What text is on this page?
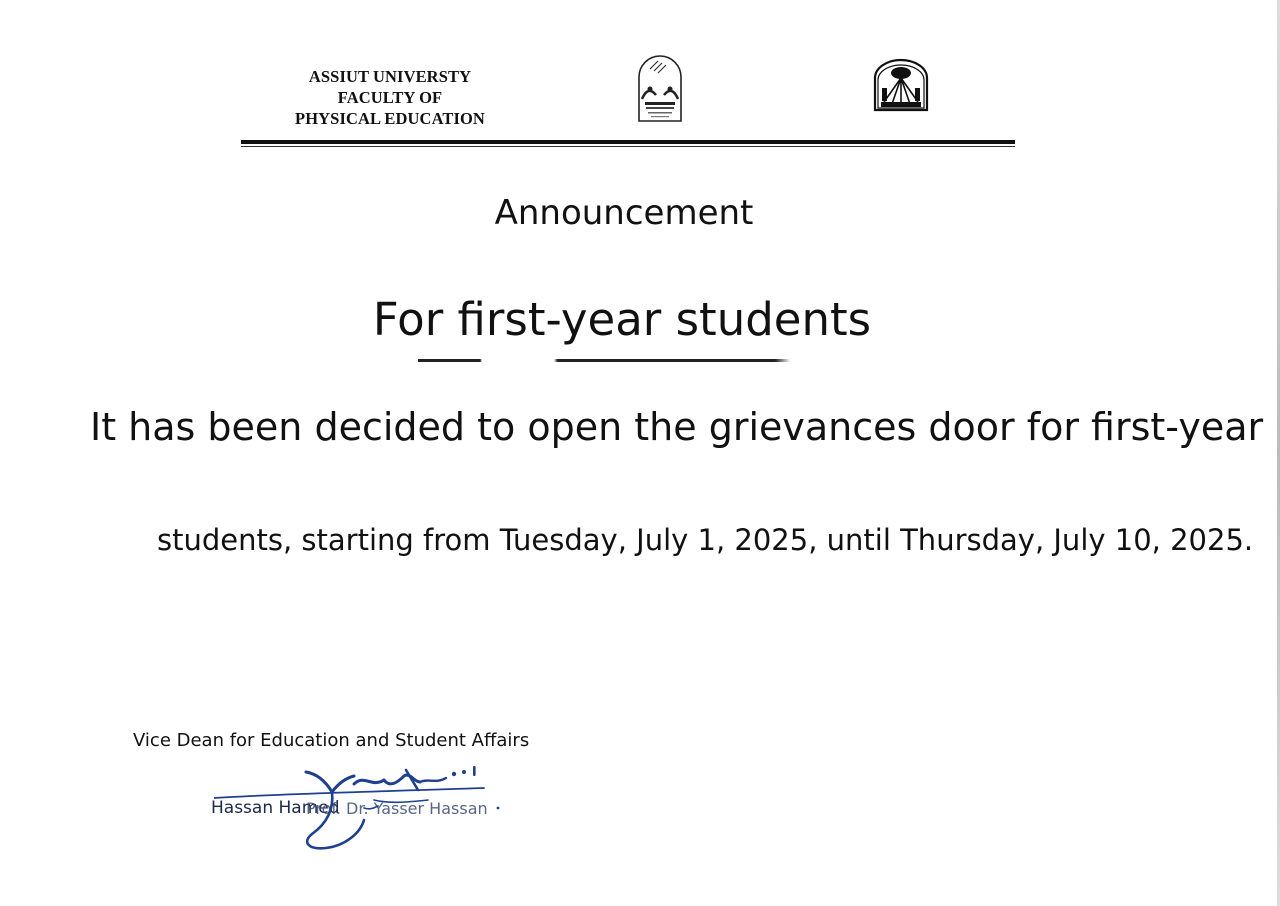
ASSIUT UNIVERSTY
FACULTY OF
PHYSICAL EDUCATION
Announcement
For first-year students
It has been decided to open the grievances door for first-year
students, starting from Tuesday, July 1, 2025, until Thursday, July 10, 2025.
Vice Dean for Education and Student Affairs
Hassan Hamed
Prof. Dr. Yasser Hassan
